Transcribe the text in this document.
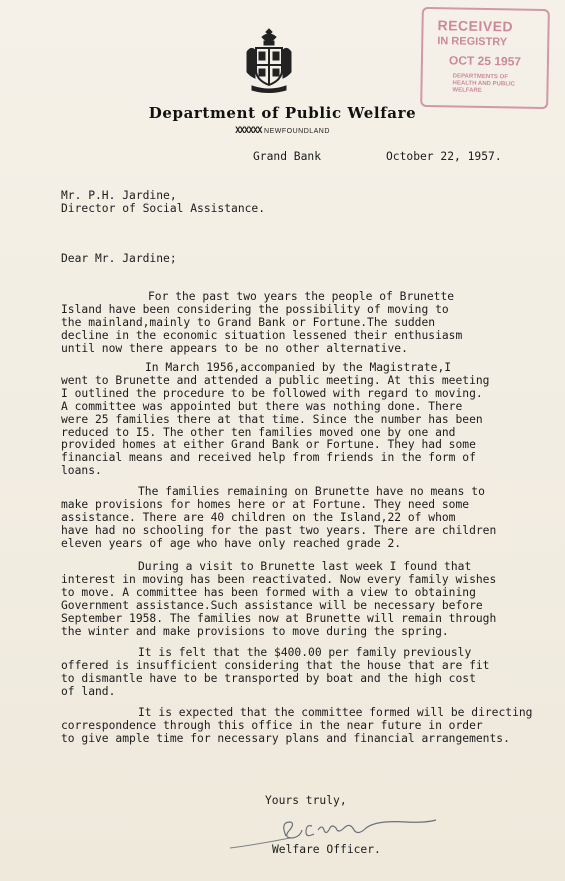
Department of Public Welfare
XXXXXX NEWFOUNDLAND
RECEIVED
IN REGISTRY
OCT 25 1957
DEPARTMENTS OF HEALTH AND PUBLIC WELFARE
Grand Bank	October 22, 1957.
Mr. P.H. Jardine,
Director of Social Assistance.
Dear Mr. Jardine;
For the past two years the people of Brunette
Island have been considering the possibility of moving to
the mainland,mainly to Grand Bank or Fortune.The sudden
decline in the economic situation lessened their enthusiasm
until now there appears to be no other alternative.
In March 1956,accompanied by the Magistrate,I
went to Brunette and attended a public meeting. At this meeting
I outlined the procedure to be followed with regard to moving.
A committee was appointed but there was nothing done. There
were 25 families there at that time. Since the number has been
reduced to I5. The other ten families moved one by one and
provided homes at either Grand Bank or Fortune. They had some
financial means and received help from friends in the form of
loans.
The families remaining on Brunette have no means to
make provisions for homes here or at Fortune. They need some
assistance. There are 40 children on the Island,22 of whom
have had no schooling for the past two years. There are children
eleven years of age who have only reached grade 2.
During a visit to Brunette last week I found that
interest in moving has been reactivated. Now every family wishes
to move. A committee has been formed with a view to obtaining
Government assistance.Such assistance will be necessary before
September 1958. The families now at Brunette will remain through
the winter and make provisions to move during the spring.
It is felt that the $400.00 per family previously
offered is insufficient considering that the house that are fit
to dismantle have to be transported by boat and the high cost
of land.
It is expected that the committee formed will be directing
correspondence through this office in the near future in order
to give ample time for necessary plans and financial arrangements.
Yours truly,
Welfare Officer.
